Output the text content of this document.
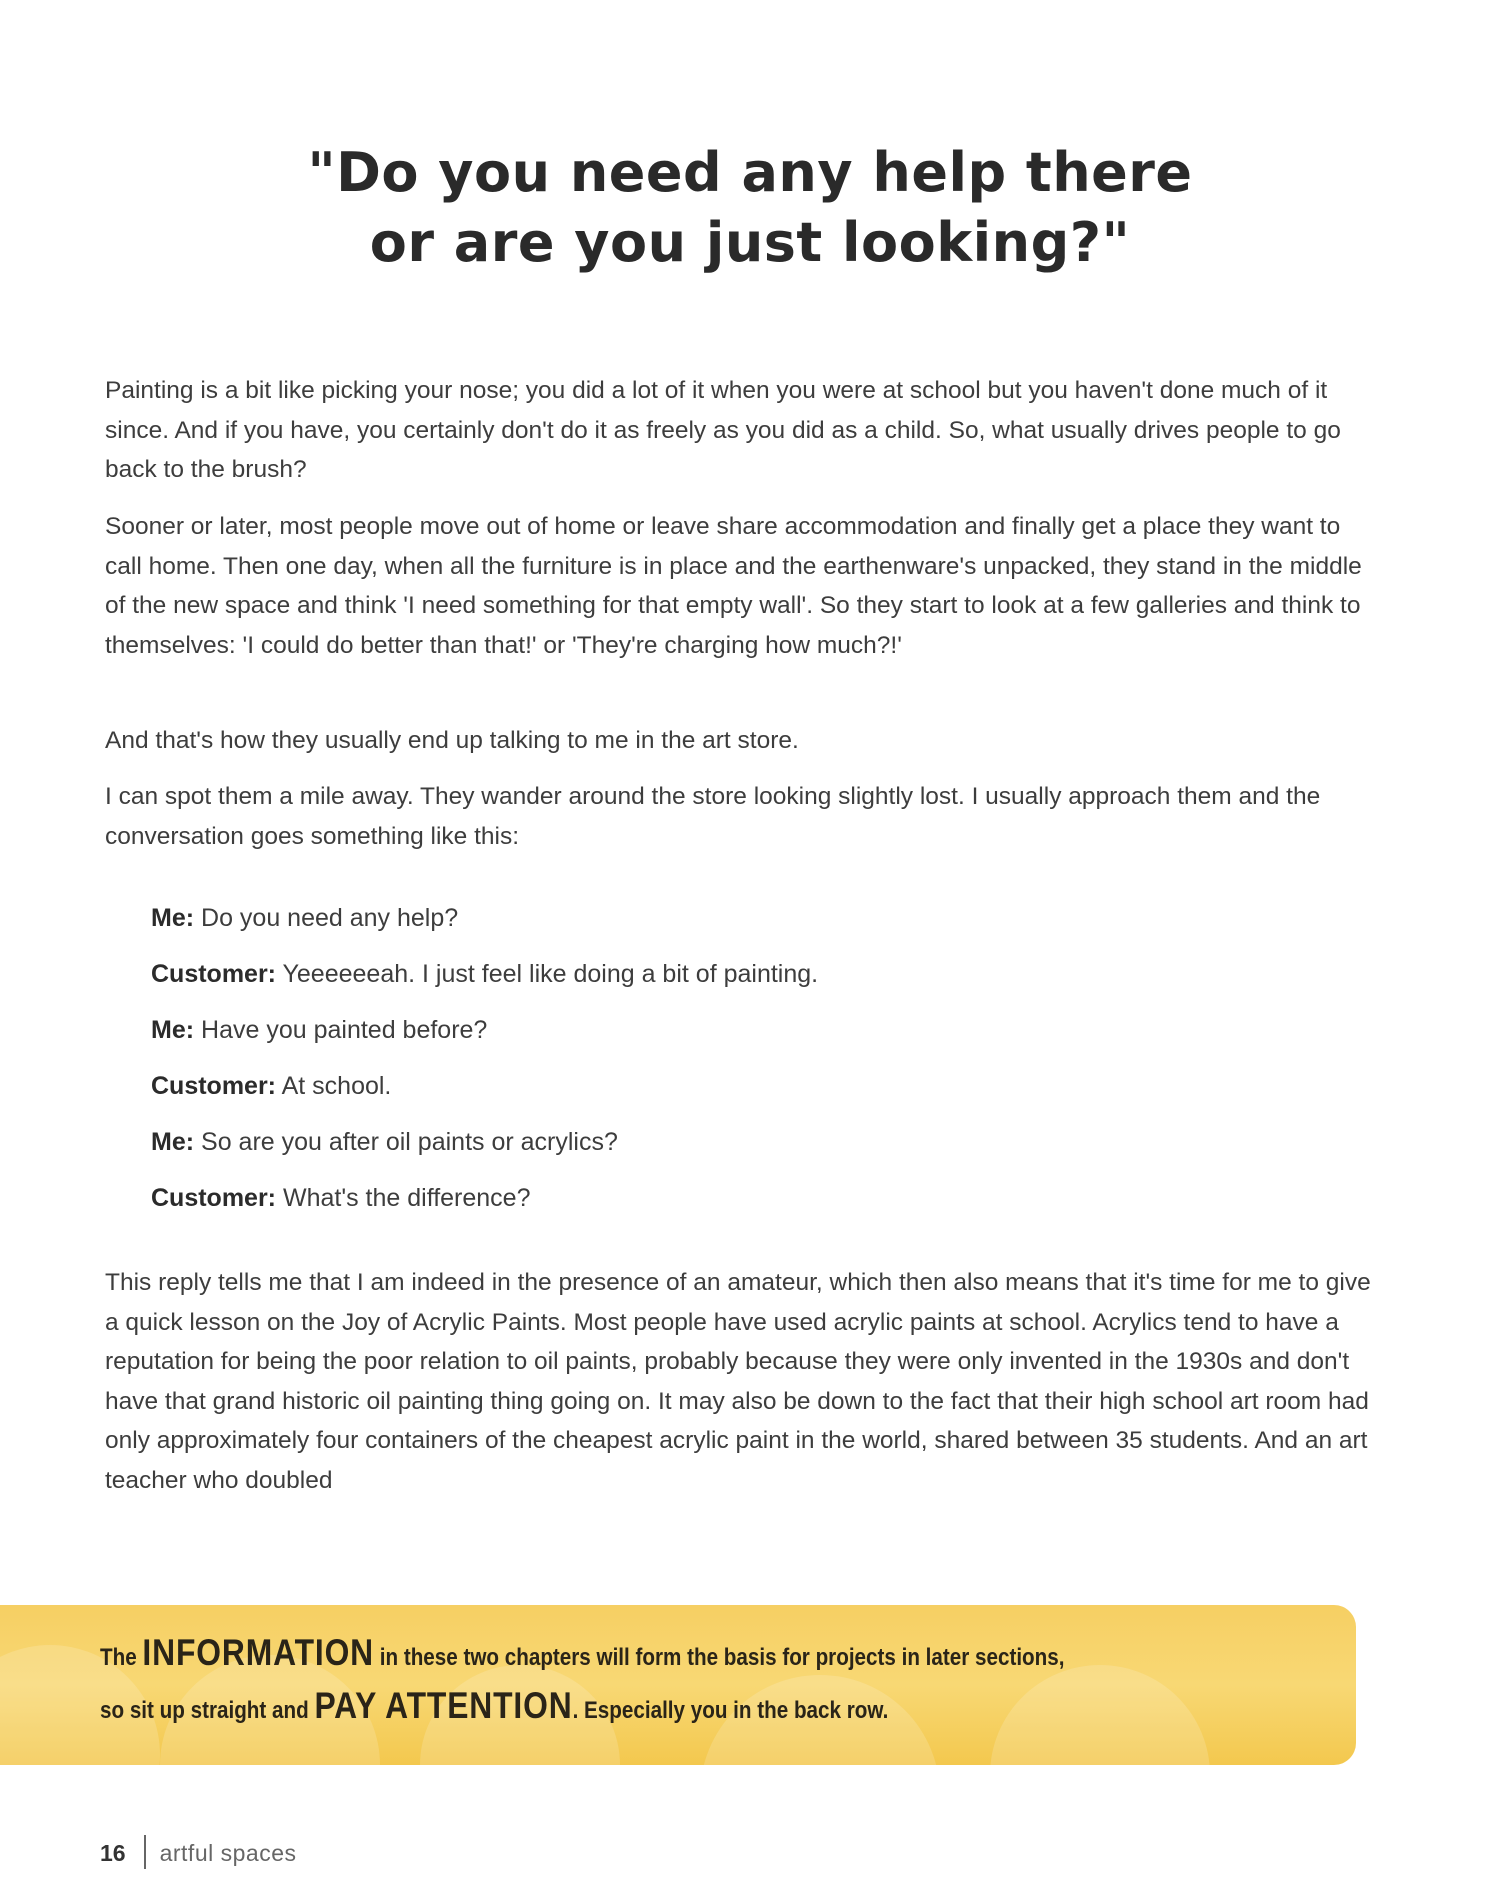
"Do you need any help there
or are you just looking?"

Painting is a bit like picking your nose; you did a lot of it when you were at school but you haven't done much of it since. And if you have, you certainly don't do it as freely as you did as a child. So, what usually drives people to go back to the brush?

Sooner or later, most people move out of home or leave share accommodation and finally get a place they want to call home. Then one day, when all the furniture is in place and the earthenware's unpacked, they stand in the middle of the new space and think 'I need something for that empty wall'. So they start to look at a few galleries and think to themselves: 'I could do better than that!' or 'They're charging how much?!'

And that's how they usually end up talking to me in the art store.

I can spot them a mile away. They wander around the store looking slightly lost. I usually approach them and the conversation goes something like this:

This reply tells me that I am indeed in the presence of an amateur, which then also means that it's time for me to give a quick lesson on the Joy of Acrylic Paints. Most people have used acrylic paints at school. Acrylics tend to have a reputation for being the poor relation to oil paints, probably because they were only invented in the 1930s and don't have that grand historic oil painting thing going on. It may also be down to the fact that their high school art room had only approximately four containers of the cheapest acrylic paint in the world, shared between 35 students. And an art teacher who doubled

Me: Do you need any help?
Customer: Yeeeeeeah. I just feel like doing a bit of painting.
Me: Have you painted before?
Customer: At school.
Me: So are you after oil paints or acrylics?
Customer: What's the difference?
The INFORMATION in these two chapters will form the basis for projects in later sections,
so sit up straight and PAY ATTENTION. Especially you in the back row.
16 artful spaces
